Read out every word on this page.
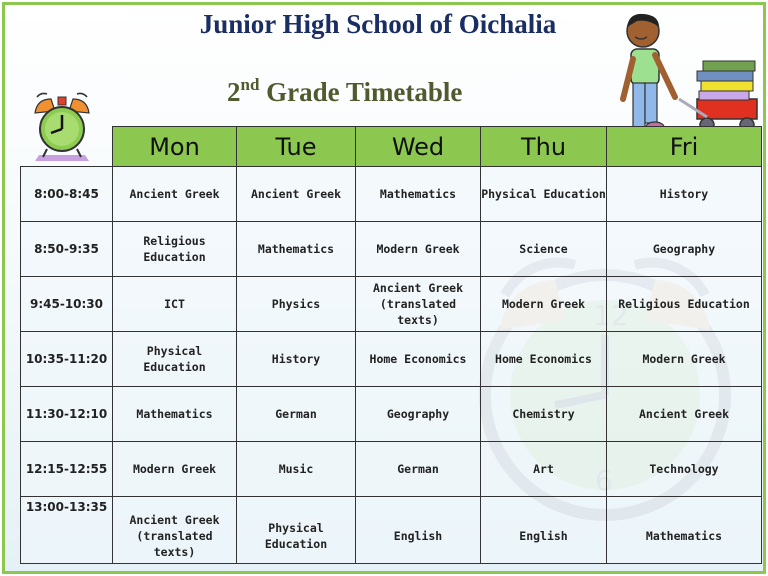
Junior High School of Oichalia
2nd Grade Timetable
	Mon	Tue	Wed	Thu	Fri
8:00-8:45	Ancient Greek	Ancient Greek	Mathematics	Physical Education	History
8:50-9:35	Religious Education	Mathematics	Modern Greek	Science	Geography
9:45-10:30	ICT	Physics	Ancient Greek (translated texts)	Modern Greek	Religious Education
10:35-11:20	Physical Education	History	Home Economics	Home Economics	Modern Greek
11:30-12:10	Mathematics	German	Geography	Chemistry	Ancient Greek
12:15-12:55	Modern Greek	Music	German	Art	Technology
13:00-13:35	Ancient Greek (translated texts)	Physical Education	English	English	Mathematics
